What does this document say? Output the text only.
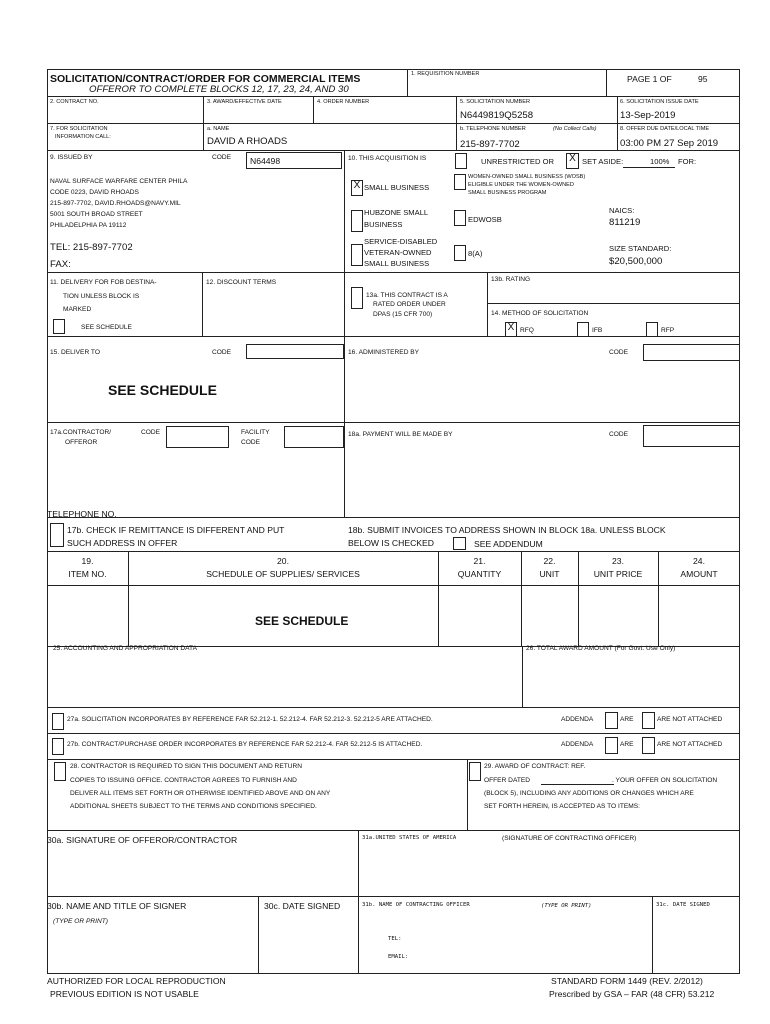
SOLICITATION/CONTRACT/ORDER FOR COMMERCIAL ITEMS
OFFEROR TO COMPLETE BLOCKS 12, 17, 23, 24, AND 30
1. REQUISITION NUMBER	PAGE 1 OF	95
2. CONTRACT NO.	3. AWARD/EFFECTIVE DATE	4. ORDER NUMBER	5. SOLICITATION NUMBER
N6449819Q5258
6. SOLICITATION ISSUE DATE
13-Sep-2019
7. FOR SOLICITATION
INFORMATION CALL:
a. NAME
DAVID A RHOADS
b. TELEPHONE NUMBER	(No Collect Calls)
215-897-7702
8. OFFER DUE DATE/LOCAL TIME
03:00 PM 27 Sep 2019
9. ISSUED BY	CODE N64498
NAVAL SURFACE WARFARE CENTER PHILA
CODE 0223, DAVID RHOADS
215-897-7702, DAVID.RHOADS@NAVY.MIL
5001 SOUTH BROAD STREET
PHILADELPHIA PA 19112
TEL: 215-897-7702
FAX:
10. THIS ACQUISITION IS	UNRESTRICTED OR	X SET ASIDE:	100% FOR:
X SMALL BUSINESS
WOMEN-OWNED SMALL BUSINESS (WOSB)
ELIGIBLE UNDER THE WOMEN-OWNED
SMALL BUSINESS PROGRAM
HUBZONE SMALL
BUSINESS
EDWOSB
SERVICE-DISABLED
VETERAN-OWNED
SMALL BUSINESS
8(A)
NAICS:
811219
SIZE STANDARD:
$20,500,000
11. DELIVERY FOR FOB DESTINA-
TION UNLESS BLOCK IS
MARKED
SEE SCHEDULE
12. DISCOUNT TERMS
13a. THIS CONTRACT IS A
RATED ORDER UNDER
DPAS (15 CFR 700)
13b. RATING
14. METHOD OF SOLICITATION
X RFQ	IFB	RFP
15. DELIVER TO	CODE
SEE SCHEDULE
16. ADMINISTERED BY	CODE
17a.CONTRACTOR/
OFFEROR
CODE	FACILITY
CODE
18a. PAYMENT WILL BE MADE BY	CODE
TELEPHONE NO.
17b. CHECK IF REMITTANCE IS DIFFERENT AND PUT
SUCH ADDRESS IN OFFER
18b. SUBMIT INVOICES TO ADDRESS SHOWN IN BLOCK 18a. UNLESS BLOCK
BELOW IS CHECKED	SEE ADDENDUM
19.
ITEM NO.
20.
SCHEDULE OF SUPPLIES/ SERVICES
21.
QUANTITY
22.
UNIT
23.
UNIT PRICE
24.
AMOUNT
SEE SCHEDULE
25. ACCOUNTING AND APPROPRIATION DATA	26. TOTAL AWARD AMOUNT (For Govt. Use Only)
27a. SOLICITATION INCORPORATES BY REFERENCE FAR 52.212-1. 52.212-4. FAR 52.212-3. 52.212-5 ARE ATTACHED.	ADDENDA	ARE	ARE NOT ATTACHED
27b. CONTRACT/PURCHASE ORDER INCORPORATES BY REFERENCE FAR 52.212-4. FAR 52.212-5 IS ATTACHED.	ADDENDA	ARE	ARE NOT ATTACHED
28. CONTRACTOR IS REQUIRED TO SIGN THIS DOCUMENT AND RETURN
COPIES TO ISSUING OFFICE. CONTRACTOR AGREES TO FURNISH AND
DELIVER ALL ITEMS SET FORTH OR OTHERWISE IDENTIFIED ABOVE AND ON ANY
ADDITIONAL SHEETS SUBJECT TO THE TERMS AND CONDITIONS SPECIFIED.
29. AWARD OF CONTRACT: REF.
OFFER DATED	. YOUR OFFER ON SOLICITATION
(BLOCK 5), INCLUDING ANY ADDITIONS OR CHANGES WHICH ARE
SET FORTH HEREIN, IS ACCEPTED AS TO ITEMS:
30a. SIGNATURE OF OFFEROR/CONTRACTOR	31a.UNITED STATES OF AMERICA	(SIGNATURE OF CONTRACTING OFFICER)
30b. NAME AND TITLE OF SIGNER
(TYPE OR PRINT)
30c. DATE SIGNED	31b. NAME OF CONTRACTING OFFICER	(TYPE OR PRINT)	31c. DATE SIGNED
TEL:
EMAIL:
AUTHORIZED FOR LOCAL REPRODUCTION
PREVIOUS EDITION IS NOT USABLE
STANDARD FORM 1449 (REV. 2/2012)
Prescribed by GSA – FAR (48 CFR) 53.212
